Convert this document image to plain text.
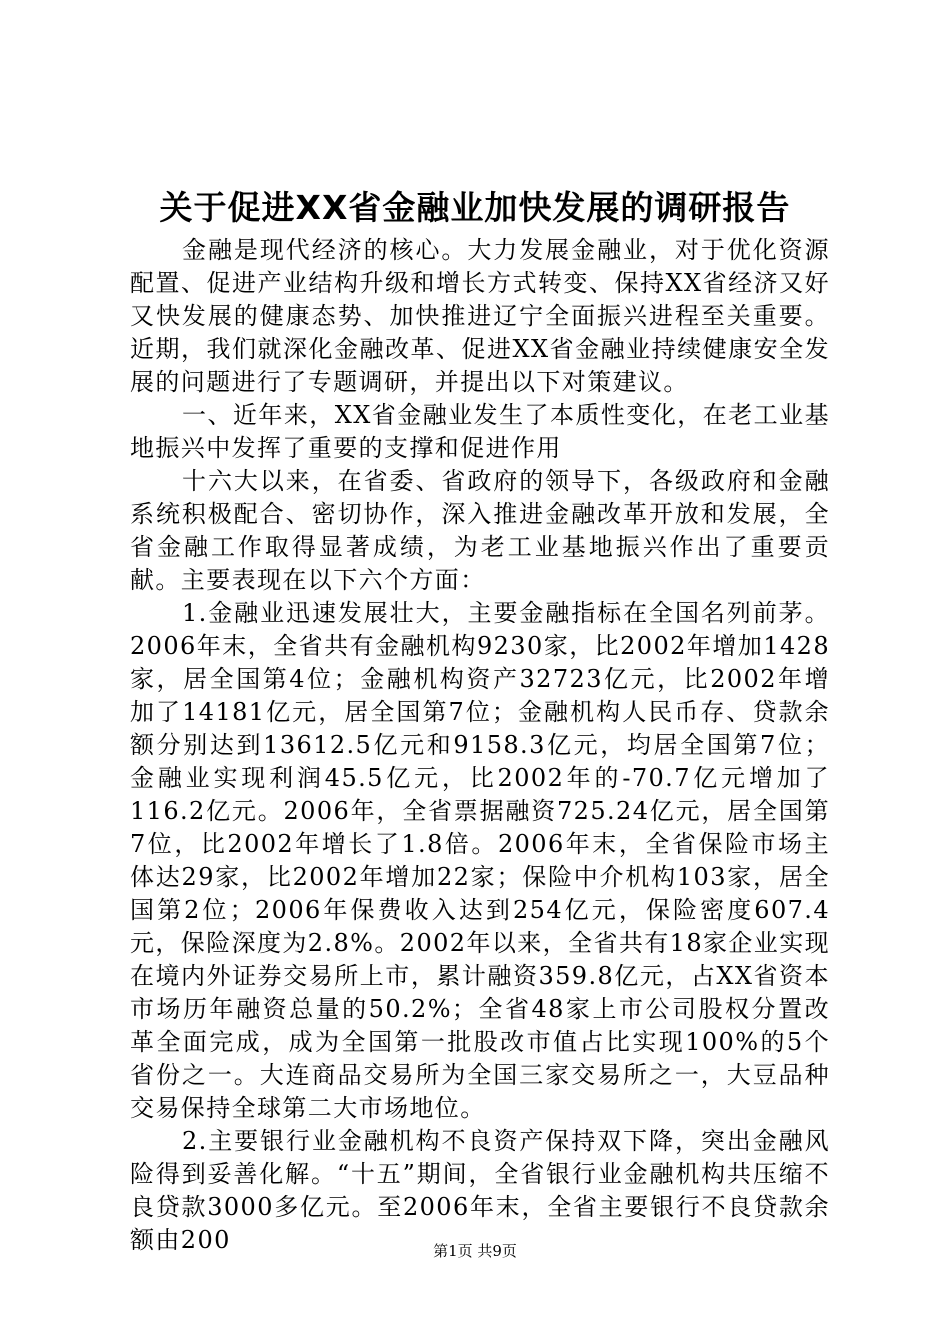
关于促进XX省金融业加快发展的调研报告

金融是现代经济的核心。大力发展金融业，对于优化资源配置、促进产业结构升级和增长方式转变、保持XX省经济又好又快发展的健康态势、加快推进辽宁全面振兴进程至关重要。近期，我们就深化金融改革、促进XX省金融业持续健康安全发展的问题进行了专题调研，并提出以下对策建议。

一、近年来，XX省金融业发生了本质性变化，在老工业基地振兴中发挥了重要的支撑和促进作用

十六大以来，在省委、省政府的领导下，各级政府和金融系统积极配合、密切协作，深入推进金融改革开放和发展，全省金融工作取得显著成绩，为老工业基地振兴作出了重要贡献。主要表现在以下六个方面：

1.金融业迅速发展壮大，主要金融指标在全国名列前茅。2006年末，全省共有金融机构9230家，比2002年增加1428家，居全国第4位；金融机构资产32723亿元，比2002年增加了14181亿元，居全国第7位；金融机构人民币存、贷款余额分别达到13612.5亿元和9158.3亿元，均居全国第7位；金融业实现利润45.5亿元，比2002年的-70.7亿元增加了116.2亿元。2006年，全省票据融资725.24亿元，居全国第7位，比2002年增长了1.8倍。2006年末，全省保险市场主体达29家，比2002年增加22家；保险中介机构103家，居全国第2位；2006年保费收入达到254亿元，保险密度607.4元，保险深度为2.8%。2002年以来，全省共有18家企业实现在境内外证券交易所上市，累计融资359.8亿元，占XX省资本市场历年融资总量的50.2%；全省48家上市公司股权分置改革全面完成，成为全国第一批股改市值占比实现100%的5个省份之一。大连商品交易所为全国三家交易所之一，大豆品种交易保持全球第二大市场地位。

2.主要银行业金融机构不良资产保持双下降，突出金融风险得到妥善化解。“十五”期间，全省银行业金融机构共压缩不良贷款3000多亿元。至2006年末，全省主要银行不良贷款余额由200	第1页 共9页
